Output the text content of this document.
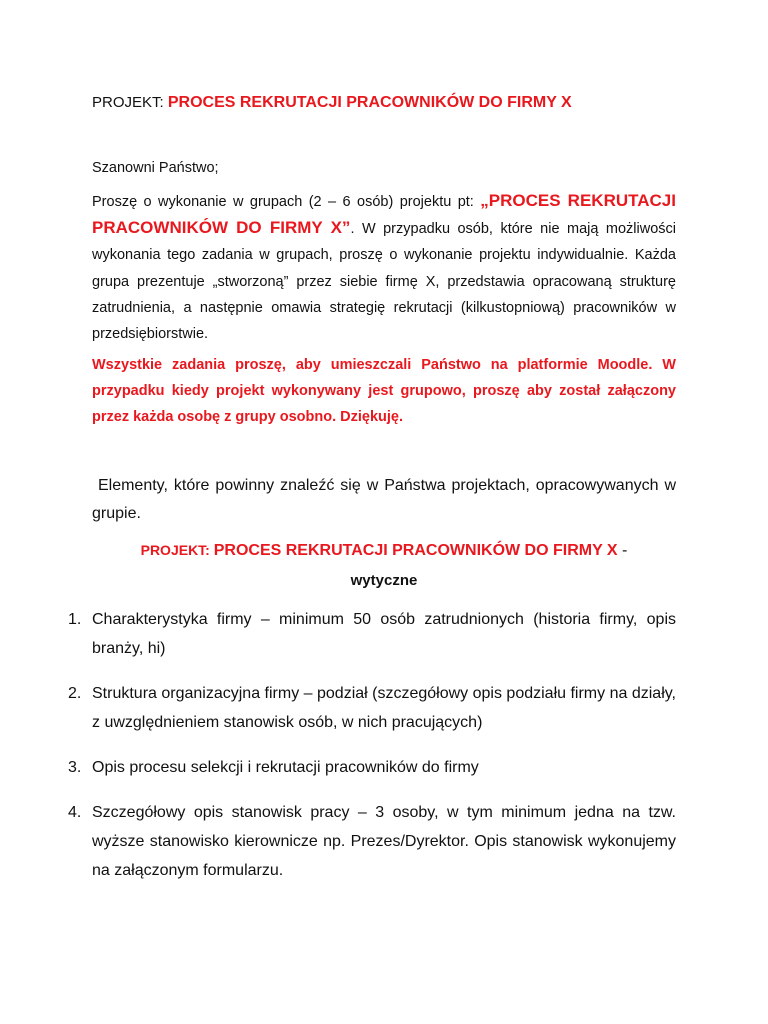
PROJEKT: PROCES REKRUTACJI PRACOWNIKÓW DO FIRMY X
Szanowni Państwo;
Proszę o wykonanie w grupach (2 – 6 osób) projektu pt: „PROCES REKRUTACJI PRACOWNIKÓW DO FIRMY X”. W przypadku osób, które nie mają możliwości wykonania tego zadania w grupach, proszę o wykonanie projektu indywidualnie. Każda grupa prezentuje „stworzoną” przez siebie firmę X, przedstawia opracowaną strukturę zatrudnienia, a następnie omawia strategię rekrutacji (kilkustopniową) pracowników w przedsiębiorstwie.
Wszystkie zadania proszę, aby umieszczali Państwo na platformie Moodle. W przypadku kiedy projekt wykonywany jest grupowo, proszę aby został załączony przez każda osobę z grupy osobno. Dziękuję.
Elementy, które powinny znaleźć się w Państwa projektach, opracowywanych w grupie.
PROJEKT: PROCES REKRUTACJI PRACOWNIKÓW DO FIRMY X -
wytyczne
1. Charakterystyka firmy – minimum 50 osób zatrudnionych (historia firmy, opis branży, hi)
2. Struktura organizacyjna firmy – podział (szczegółowy opis podziału firmy na działy, z uwzględnieniem stanowisk osób, w nich pracujących)
3. Opis procesu selekcji i rekrutacji pracowników do firmy
4. Szczegółowy opis stanowisk pracy – 3 osoby, w tym minimum jedna na tzw. wyższe stanowisko kierownicze np. Prezes/Dyrektor. Opis stanowisk wykonujemy na załączonym formularzu.
